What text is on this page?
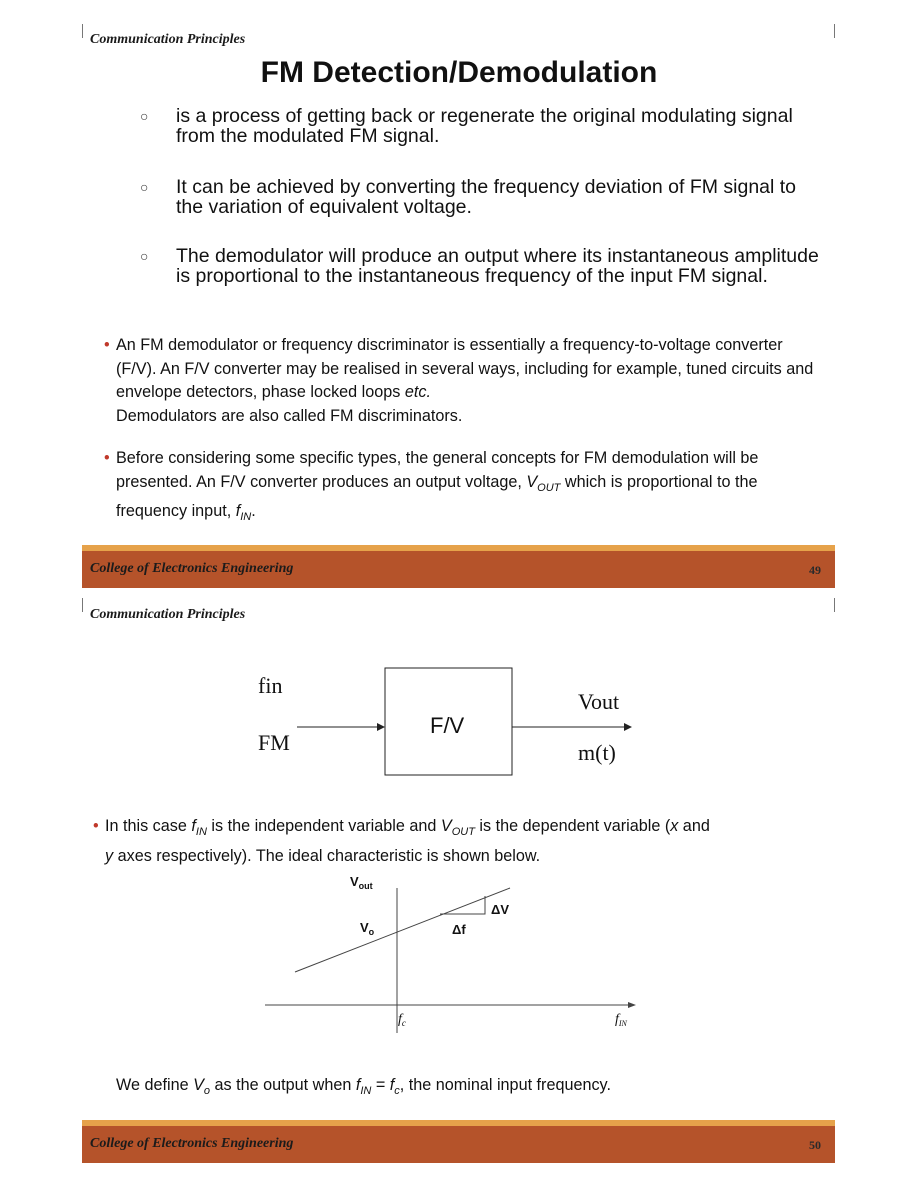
Communication Principles
FM Detection/Demodulation
○ is a process of getting back or regenerate the original modulating signal from the modulated FM signal.
○ It can be achieved by converting the frequency deviation of FM signal to the variation of equivalent voltage.
○ The demodulator will produce an output where its instantaneous amplitude is proportional to the instantaneous frequency of the input FM signal.
• An FM demodulator or frequency discriminator is essentially a frequency-to-voltage converter (F/V). An F/V converter may be realised in several ways, including for example, tuned circuits and envelope detectors, phase locked loops etc.
Demodulators are also called FM discriminators.
• Before considering some specific types, the general concepts for FM demodulation will be presented. An F/V converter produces an output voltage, $V_{OUT}$ which is proportional to the frequency input, $f_{IN}$.
College of Electronics Engineering	49
Communication Principles
fin
FM
F/V
Vout
m(t)
• In this case $f_{IN}$ is the independent variable and $V_{OUT}$ is the dependent variable (x and
y axes respectively). The ideal characteristic is shown below.
$V_{out}$
$V_o$
ΔV
Δf
$f_c$	$f_{IN}$
We define $V_o$ as the output when $f_{IN} = f_c$, the nominal input frequency.
College of Electronics Engineering	50
